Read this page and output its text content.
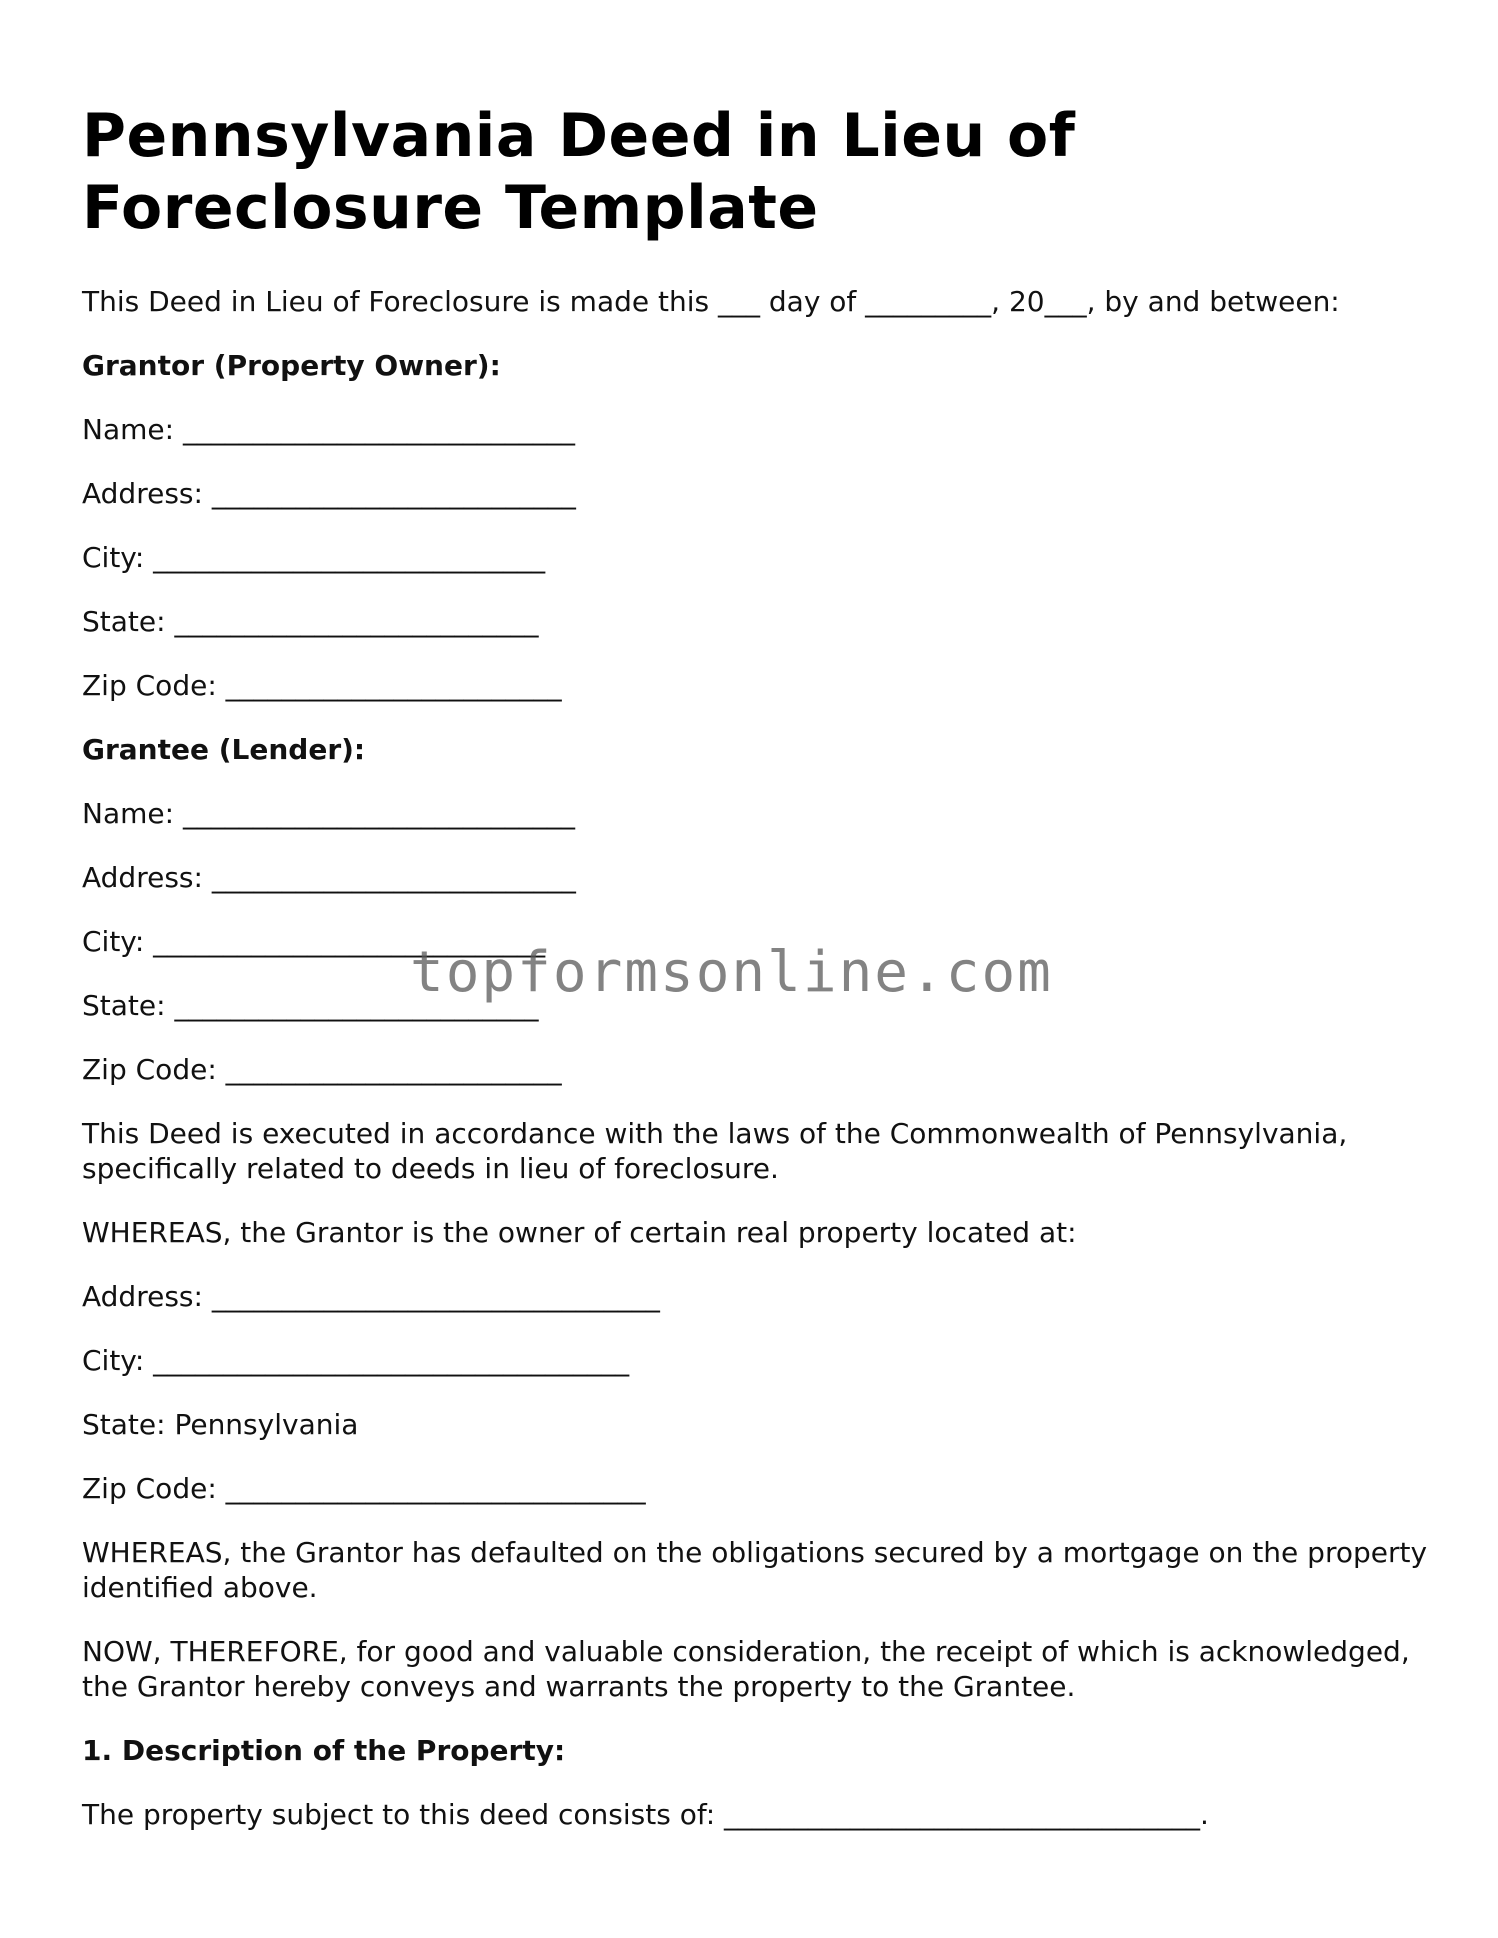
Pennsylvania Deed in Lieu of Foreclosure Template

This Deed in Lieu of Foreclosure is made this ___ day of _________, 20___, by and between:

Grantor (Property Owner):

Name: ____________________________

Address: __________________________

City: ____________________________

State: __________________________

Zip Code: ________________________

Grantee (Lender):

Name: ____________________________

Address: __________________________

City: ____________________________

State: __________________________

Zip Code: ________________________

This Deed is executed in accordance with the laws of the Commonwealth of Pennsylvania, specifically related to deeds in lieu of foreclosure.

WHEREAS, the Grantor is the owner of certain real property located at:

Address: ________________________________

City: __________________________________

State: Pennsylvania

Zip Code: ______________________________

WHEREAS, the Grantor has defaulted on the obligations secured by a mortgage on the property identified above.

NOW, THEREFORE, for good and valuable consideration, the receipt of which is acknowledged, the Grantor hereby conveys and warrants the property to the Grantee.

1. Description of the Property:

The property subject to this deed consists of: __________________________________.

topformsonline.com
